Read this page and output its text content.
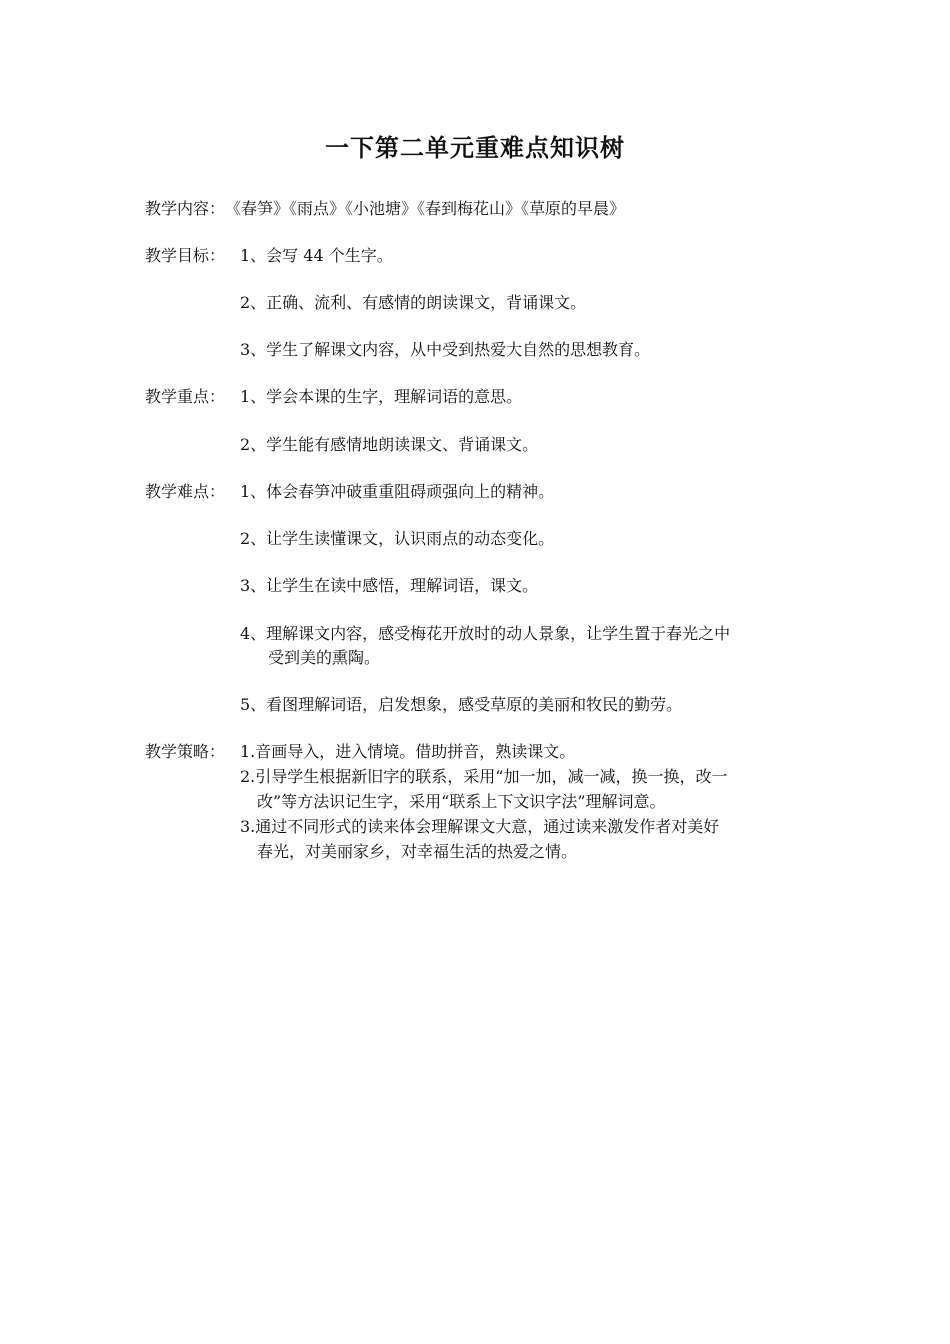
一下第二单元重难点知识树
教学内容： 《春笋》《雨点》《小池塘》《春到梅花山》《草原的早晨》
教学目标： 1、会写 44 个生字。
2、正确、流利、有感情的朗读课文，背诵课文。
3、学生了解课文内容，从中受到热爱大自然的思想教育。
教学重点： 1、学会本课的生字，理解词语的意思。
2、学生能有感情地朗读课文、背诵课文。
教学难点： 1、体会春笋冲破重重阻碍顽强向上的精神。
2、让学生读懂课文，认识雨点的动态变化。
3、让学生在读中感悟，理解词语，课文。
4、理解课文内容，感受梅花开放时的动人景象，让学生置于春光之中
受到美的熏陶。
5、看图理解词语，启发想象，感受草原的美丽和牧民的勤劳。
教学策略： 1.音画导入，进入情境。借助拼音，熟读课文。
2.引导学生根据新旧字的联系，采用“加一加，减一减，换一换，改一
改”等方法识记生字，采用“联系上下文识字法”理解词意。
3.通过不同形式的读来体会理解课文大意，通过读来激发作者对美好
春光，对美丽家乡，对幸福生活的热爱之情。
